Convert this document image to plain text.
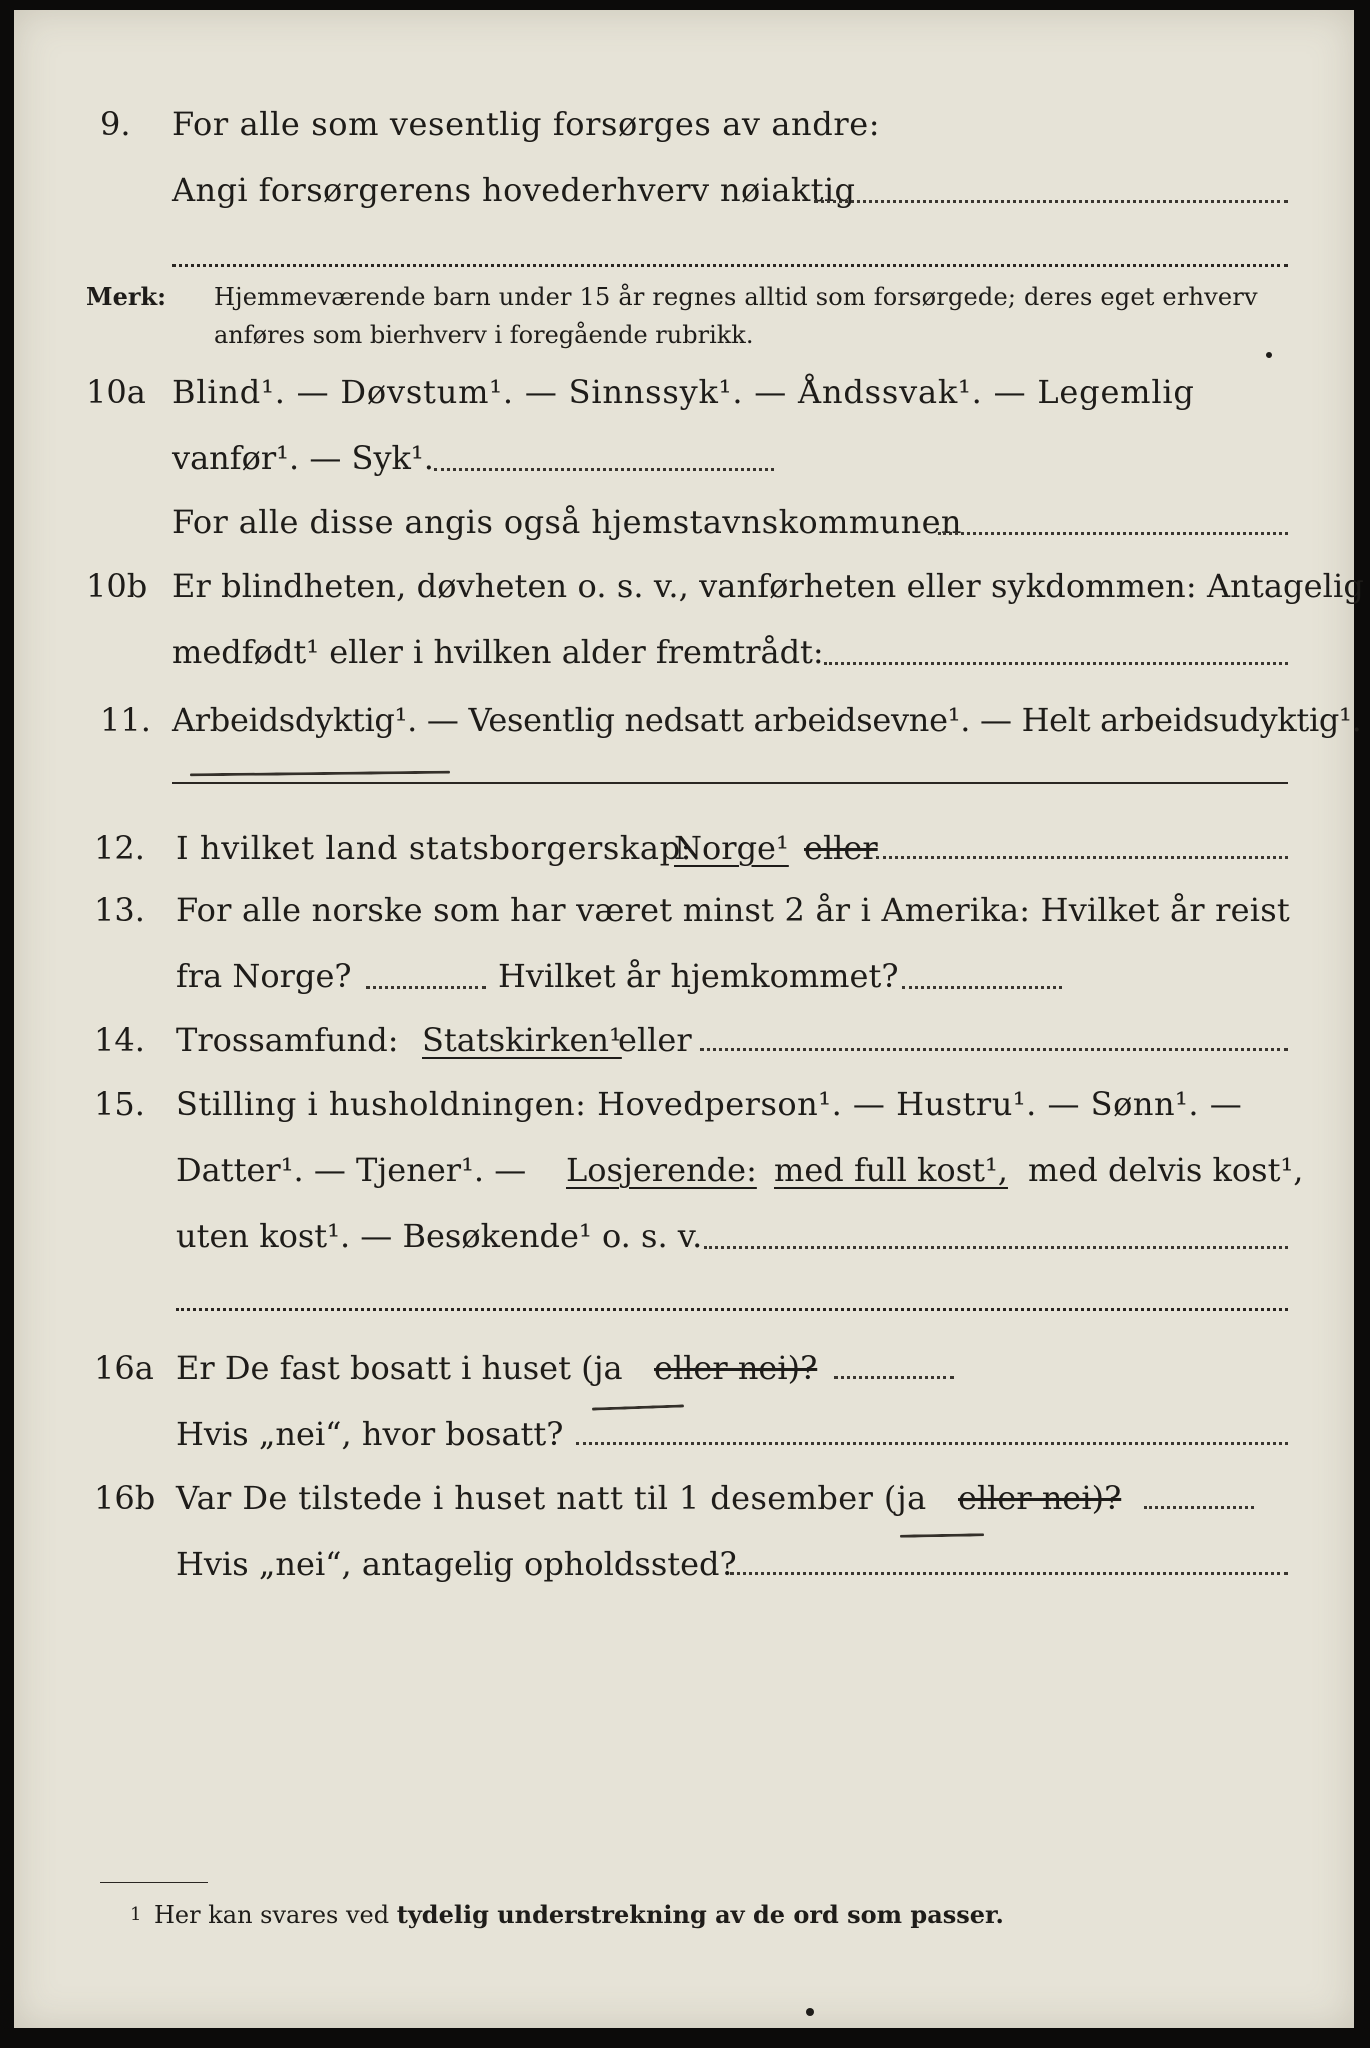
9. For alle som vesentlig forsørges av andre:
Angi forsørgerens hovederhverv nøiaktig
Merk: Hjemmeværende barn under 15 år regnes alltid som forsørgede; deres eget erhverv
anføres som bierhverv i foregående rubrikk.
10a Blind¹. — Døvstum¹. — Sinnssyk¹. — Åndssvak¹. — Legemlig
vanfør¹. — Syk¹.
For alle disse angis også hjemstavnskommunen
10b Er blindheten, døvheten o. s. v., vanførheten eller sykdommen: Antagelig
medfødt¹ eller i hvilken alder fremtrådt:
11. Arbeidsdyktig¹. — Vesentlig nedsatt arbeidsevne¹. — Helt arbeidsudyktig¹.
12. I hvilket land statsborgerskap:
Norge¹ eller
13. For alle norske som har været minst 2 år i Amerika: Hvilket år reist
fra Norge?	Hvilket år hjemkommet?
14. Trossamfund: Statskirken¹
eller
15. Stilling i husholdningen: Hovedperson¹. — Hustru¹. — Sønn¹. —
Datter¹. — Tjener¹. — Losjerende: med full kost¹, med delvis kost¹,
uten kost¹. — Besøkende¹ o. s. v.
16a Er De fast bosatt i huset (ja eller nei)?
Hvis „nei“, hvor bosatt?
16b Var De tilstede i huset natt til 1 desember (ja eller nei)?
Hvis „nei“, antagelig opholdssted?
1 Her kan svares ved tydelig understrekning av de ord som passer.
